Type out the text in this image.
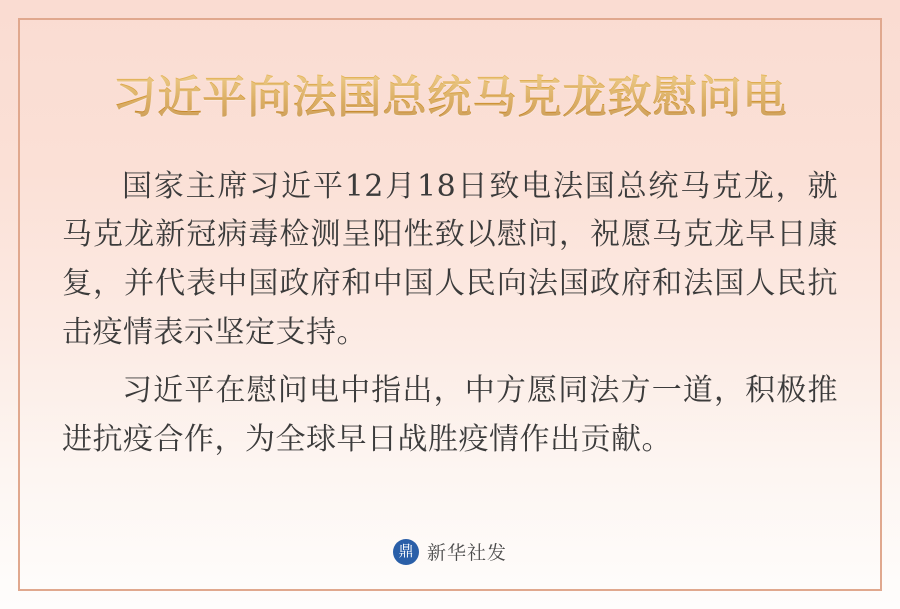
习近平向法国总统马克龙致慰问电

国家主席习近平12月18日致电法国总统马克龙，就马克龙新冠病毒检测呈阳性致以慰问，祝愿马克龙早日康复，并代表中国政府和中国人民向法国政府和法国人民抗击疫情表示坚定支持。

习近平在慰问电中指出，中方愿同法方一道，积极推进抗疫合作，为全球早日战胜疫情作出贡献。

鼎 新华社发
